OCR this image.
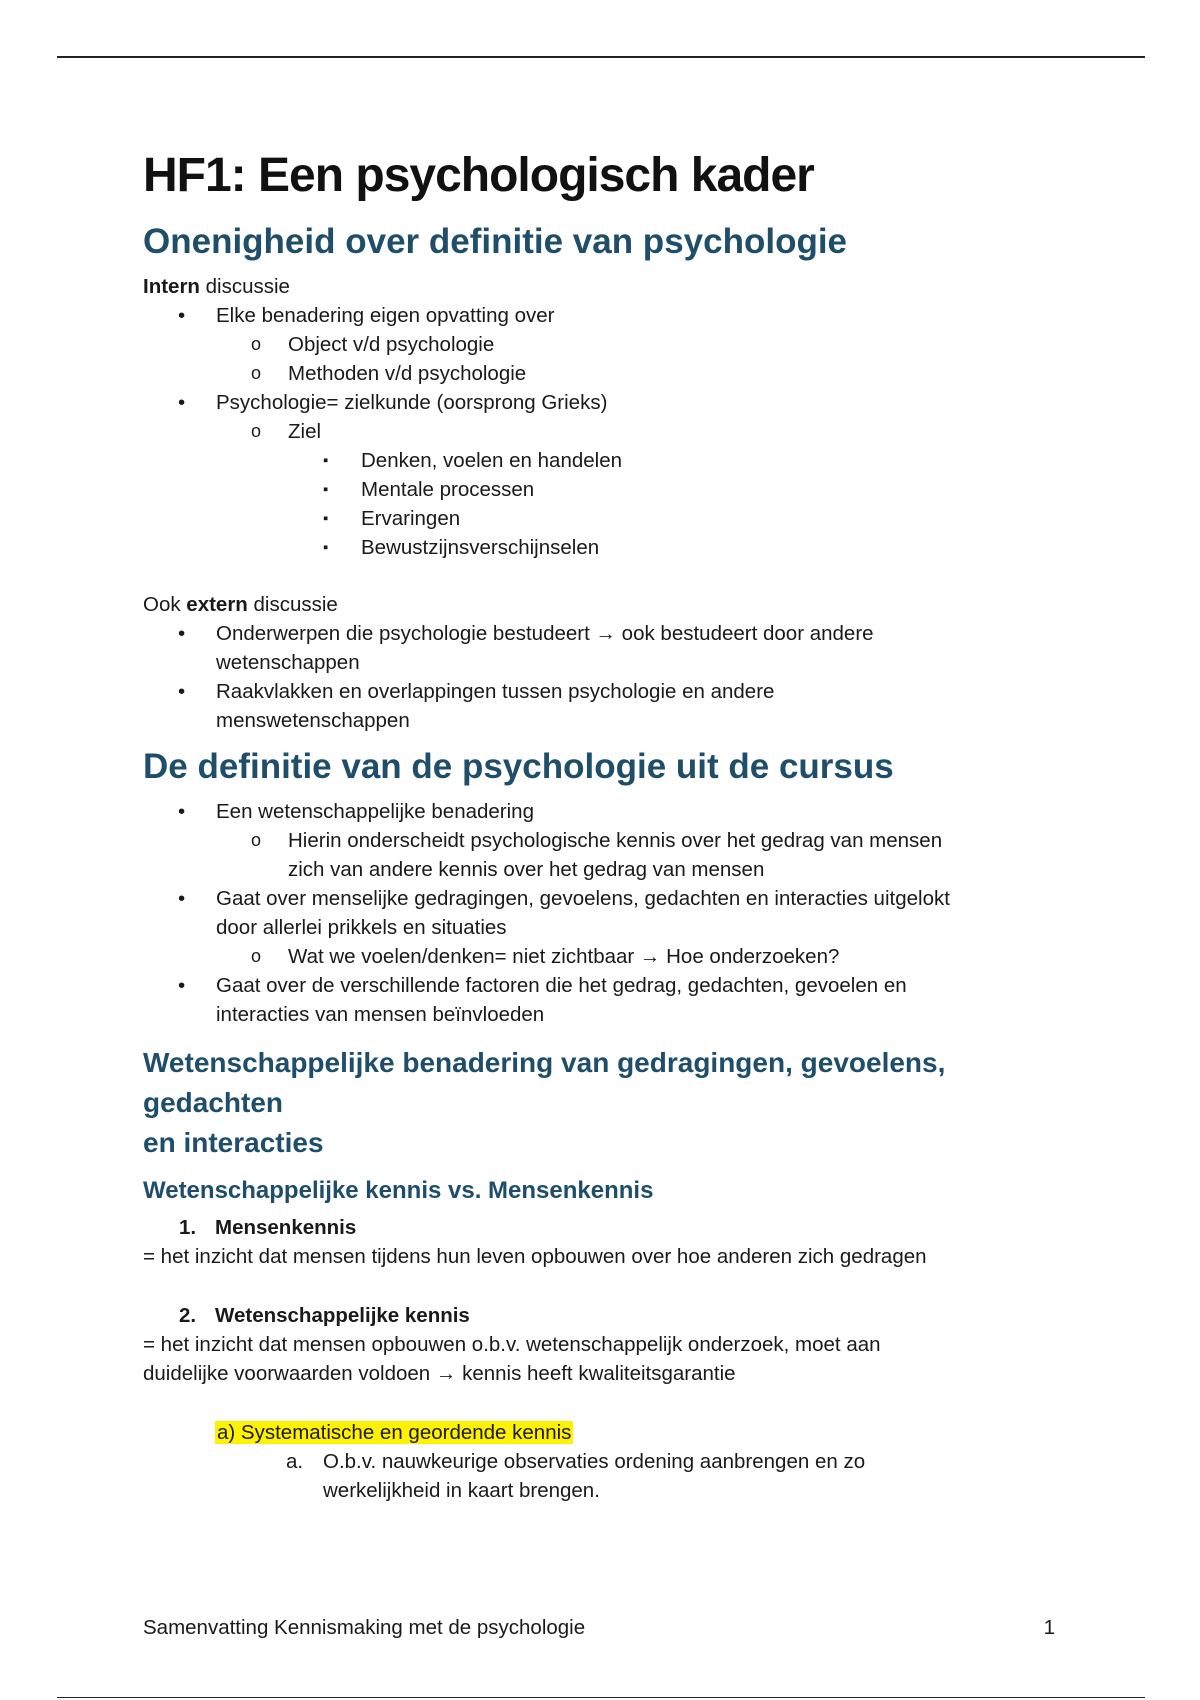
HF1: Een psychologisch kader
Onenigheid over definitie van psychologie

Intern discussie

• Elke benadering eigen opvatting over
o Object v/d psychologie
o Methoden v/d psychologie
• Psychologie= zielkunde (oorsprong Grieks)
o Ziel
▪ Denken, voelen en handelen
▪ Mentale processen
▪ Ervaringen
▪ Bewustzijnsverschijnselen

Ook extern discussie

• Onderwerpen die psychologie bestudeert → ook bestudeert door andere
wetenschappen
• Raakvlakken en overlappingen tussen psychologie en andere
menswetenschappen
De definitie van de psychologie uit de cursus
• Een wetenschappelijke benadering
o Hierin onderscheidt psychologische kennis over het gedrag van mensen
zich van andere kennis over het gedrag van mensen
• Gaat over menselijke gedragingen, gevoelens, gedachten en interacties uitgelokt
door allerlei prikkels en situaties
o Wat we voelen/denken= niet zichtbaar → Hoe onderzoeken?
• Gaat over de verschillende factoren die het gedrag, gedachten, gevoelen en
interacties van mensen beïnvloeden
Wetenschappelijke benadering van gedragingen, gevoelens, gedachten
en interacties
Wetenschappelijke kennis vs. Mensenkennis
1. Mensenkennis

= het inzicht dat mensen tijdens hun leven opbouwen over hoe anderen zich gedragen

2. Wetenschappelijke kennis

= het inzicht dat mensen opbouwen o.b.v. wetenschappelijk onderzoek, moet aan
duidelijke voorwaarden voldoen → kennis heeft kwaliteitsgarantie

a) Systematische en geordende kennis
a. O.b.v. nauwkeurige observaties ordening aanbrengen en zo
werkelijkheid in kaart brengen.
Samenvatting Kennismaking met de psychologie	1
